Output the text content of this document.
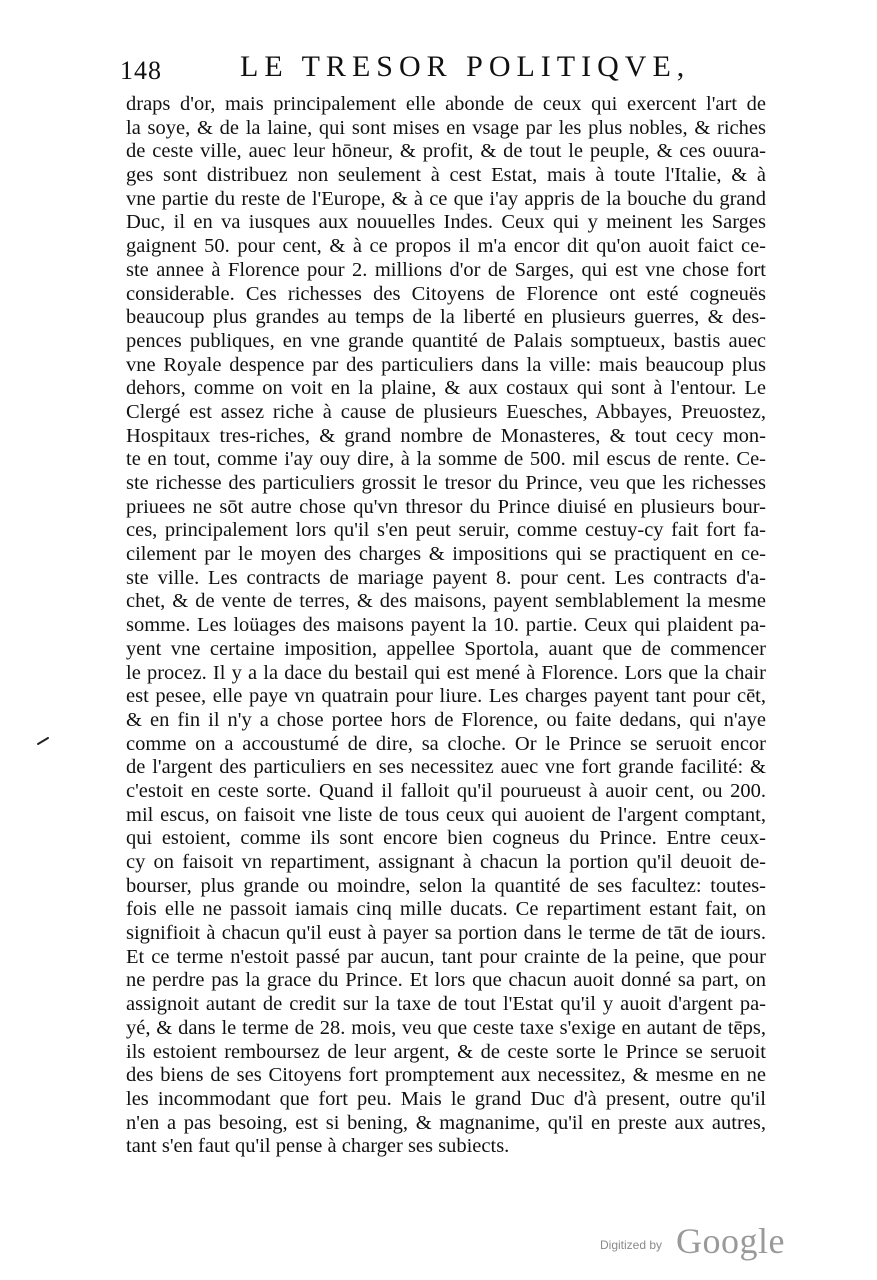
148	LE TRESOR POLITIQVE,
draps d'or, mais principalement elle abonde de ceux qui exercent l'art de
la soye, & de la laine, qui sont mises en vsage par les plus nobles, & riches
de ceste ville, auec leur hōneur, & profit, & de tout le peuple, & ces ouura-
ges sont distribuez non seulement à cest Estat, mais à toute l'Italie, & à
vne partie du reste de l'Europe, & à ce que i'ay appris de la bouche du grand
Duc, il en va iusques aux nouuelles Indes. Ceux qui y meinent les Sarges
gaignent 50. pour cent, & à ce propos il m'a encor dit qu'on auoit faict ce-
ste annee à Florence pour 2. millions d'or de Sarges, qui est vne chose fort
considerable. Ces richesses des Citoyens de Florence ont esté cogneuës
beaucoup plus grandes au temps de la liberté en plusieurs guerres, & des-
pences publiques, en vne grande quantité de Palais somptueux, bastis auec
vne Royale despence par des particuliers dans la ville: mais beaucoup plus
dehors, comme on voit en la plaine, & aux costaux qui sont à l'entour. Le
Clergé est assez riche à cause de plusieurs Euesches, Abbayes, Preuostez,
Hospitaux tres-riches, & grand nombre de Monasteres, & tout cecy mon-
te en tout, comme i'ay ouy dire, à la somme de 500. mil escus de rente. Ce-
ste richesse des particuliers grossit le tresor du Prince, veu que les richesses
priuees ne sōt autre chose qu'vn thresor du Prince diuisé en plusieurs bour-
ces, principalement lors qu'il s'en peut seruir, comme cestuy-cy fait fort fa-
cilement par le moyen des charges & impositions qui se practiquent en ce-
ste ville. Les contracts de mariage payent 8. pour cent. Les contracts d'a-
chet, & de vente de terres, & des maisons, payent semblablement la mesme
somme. Les loüages des maisons payent la 10. partie. Ceux qui plaident pa-
yent vne certaine imposition, appellee Sportola, auant que de commencer
le procez. Il y a la dace du bestail qui est mené à Florence. Lors que la chair
est pesee, elle paye vn quatrain pour liure. Les charges payent tant pour cēt,
& en fin il n'y a chose portee hors de Florence, ou faite dedans, qui n'aye
comme on a accoustumé de dire, sa cloche. Or le Prince se seruoit encor
de l'argent des particuliers en ses necessitez auec vne fort grande facilité: &
c'estoit en ceste sorte. Quand il falloit qu'il pourueust à auoir cent, ou 200.
mil escus, on faisoit vne liste de tous ceux qui auoient de l'argent comptant,
qui estoient, comme ils sont encore bien cogneus du Prince. Entre ceux-
cy on faisoit vn repartiment, assignant à chacun la portion qu'il deuoit de-
bourser, plus grande ou moindre, selon la quantité de ses facultez: toutes-
fois elle ne passoit iamais cinq mille ducats. Ce repartiment estant fait, on
signifioit à chacun qu'il eust à payer sa portion dans le terme de tāt de iours.
Et ce terme n'estoit passé par aucun, tant pour crainte de la peine, que pour
ne perdre pas la grace du Prince. Et lors que chacun auoit donné sa part, on
assignoit autant de credit sur la taxe de tout l'Estat qu'il y auoit d'argent pa-
yé, & dans le terme de 28. mois, veu que ceste taxe s'exige en autant de tēps,
ils estoient remboursez de leur argent, & de ceste sorte le Prince se seruoit
des biens de ses Citoyens fort promptement aux necessitez, & mesme en ne
les incommodant que fort peu. Mais le grand Duc d'à present, outre qu'il
n'en a pas besoing, est si bening, & magnanime, qu'il en preste aux autres,
tant s'en faut qu'il pense à charger ses subiects.
Digitized by Google
